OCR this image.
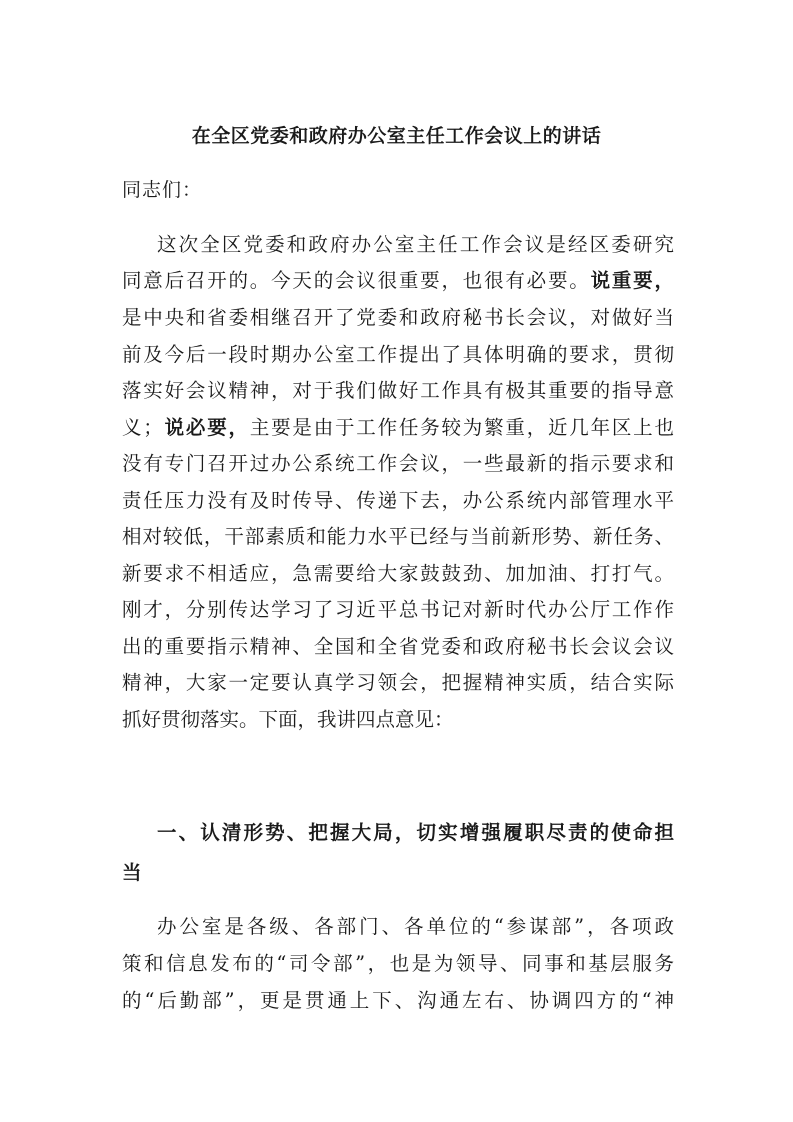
在全区党委和政府办公室主任工作会议上的讲话
同志们：
这次全区党委和政府办公室主任工作会议是经区委研究
同意后召开的。今天的会议很重要，也很有必要。说重要，
是中央和省委相继召开了党委和政府秘书长会议，对做好当
前及今后一段时期办公室工作提出了具体明确的要求，贯彻
落实好会议精神，对于我们做好工作具有极其重要的指导意
义；说必要，主要是由于工作任务较为繁重，近几年区上也
没有专门召开过办公系统工作会议，一些最新的指示要求和
责任压力没有及时传导、传递下去，办公系统内部管理水平
相对较低，干部素质和能力水平已经与当前新形势、新任务、
新要求不相适应，急需要给大家鼓鼓劲、加加油、打打气。
刚才，分别传达学习了习近平总书记对新时代办公厅工作作
出的重要指示精神、全国和全省党委和政府秘书长会议会议
精神，大家一定要认真学习领会，把握精神实质，结合实际
抓好贯彻落实。下面，我讲四点意见：
一、认清形势、把握大局，切实增强履职尽责的使命担
当
办公室是各级、各部门、各单位的“参谋部”，各项政
策和信息发布的“司令部”，也是为领导、同事和基层服务
的“后勤部”，更是贯通上下、沟通左右、协调四方的“神
